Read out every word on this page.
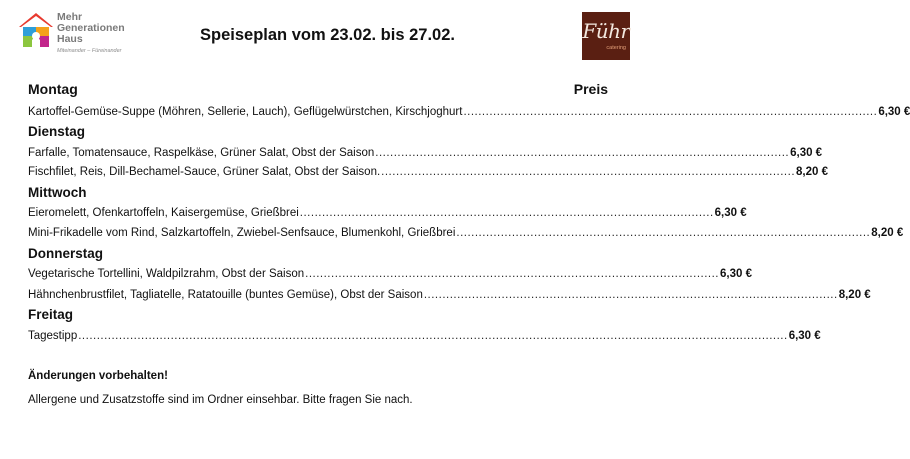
Mehr
Generationen
Haus
Miteinander – Füreinander
Speiseplan vom 23.02. bis 27.02.	Führ
catering
Montag	Preis
Kartoffel-Gemüse-Suppe (Möhren, Sellerie, Lauch), Geflügelwürstchen, Kirschjoghurt ................................................................................................................ 6,30 €
Dienstag
Farfalle, Tomatensauce, Raspelkäse, Grüner Salat, Obst der Saison ................................................................................................................ 6,30 €
Fischfilet, Reis, Dill-Bechamel-Sauce, Grüner Salat, Obst der Saison. ................................................................................................................ 8,20 €
Mittwoch
Eieromelett, Ofenkartoffeln, Kaisergemüse, Grießbrei ................................................................................................................ 6,30 €
Mini-Frikadelle vom Rind, Salzkartoffeln, Zwiebel-Senfsauce, Blumenkohl, Grießbrei ................................................................................................................ 8,20 €
Donnerstag
Vegetarische Tortellini, Waldpilzrahm, Obst der Saison ................................................................................................................ 6,30 €
Hähnchenbrustfilet, Tagliatelle, Ratatouille (buntes Gemüse), Obst der Saison ................................................................................................................ 8,20 €
Freitag
Tagestipp ................................................................................................................................................................................................ 6,30 €
Änderungen vorbehalten!
Allergene und Zusatzstoffe sind im Ordner einsehbar. Bitte fragen Sie nach.
